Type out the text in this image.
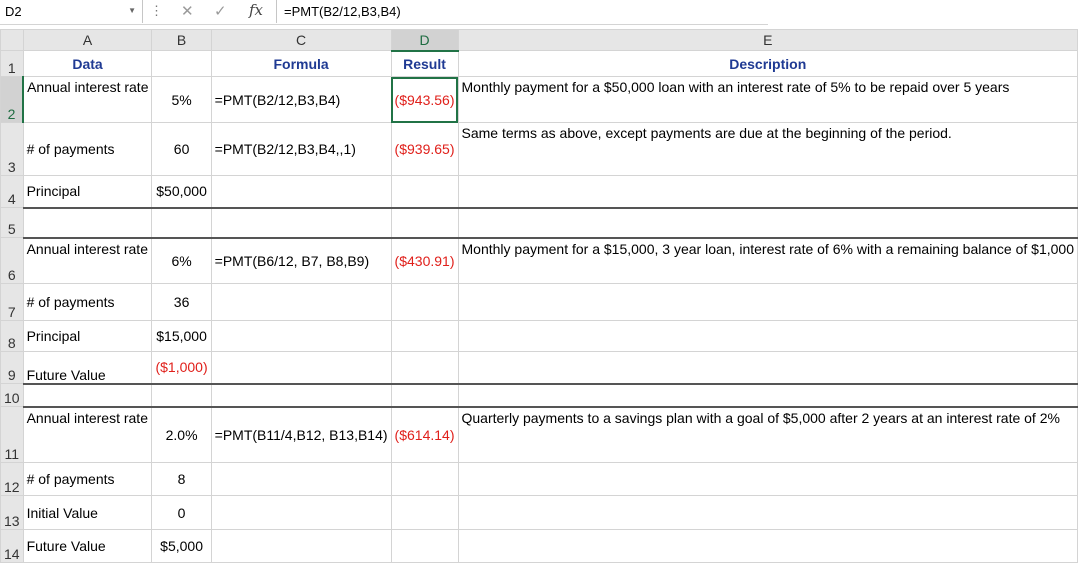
D2	▼ ⋮ ✕ ✓ fx =PMT(B2/12,B3,B4)
	A	B	C	D	E
1	Data		Formula	Result	Description
2	Annual interest rate	5%	=PMT(B2/12,B3,B4)	($943.56)	Monthly payment for a $50,000 loan with an interest rate of 5% to be repaid over 5 years
3	# of payments	60	=PMT(B2/12,B3,B4,,1)	($939.65)	Same terms as above, except payments are due at the beginning of the period.
4	Principal	$50,000			
5					
6	Annual interest rate	6%	=PMT(B6/12, B7, B8,B9)	($430.91)	Monthly payment for a $15,000, 3 year loan, interest rate of 6% with a remaining balance of $1,000
7	# of payments	36			
8	Principal	$15,000			
9	Future Value	($1,000)			
10					
11	Annual interest rate	2.0%	=PMT(B11/4,B12, B13,B14)	($614.14)	Quarterly payments to a savings plan with a goal of $5,000 after 2 years at an interest rate of 2%
12	# of payments	8			
13	Initial Value	0			
14	Future Value	$5,000			
